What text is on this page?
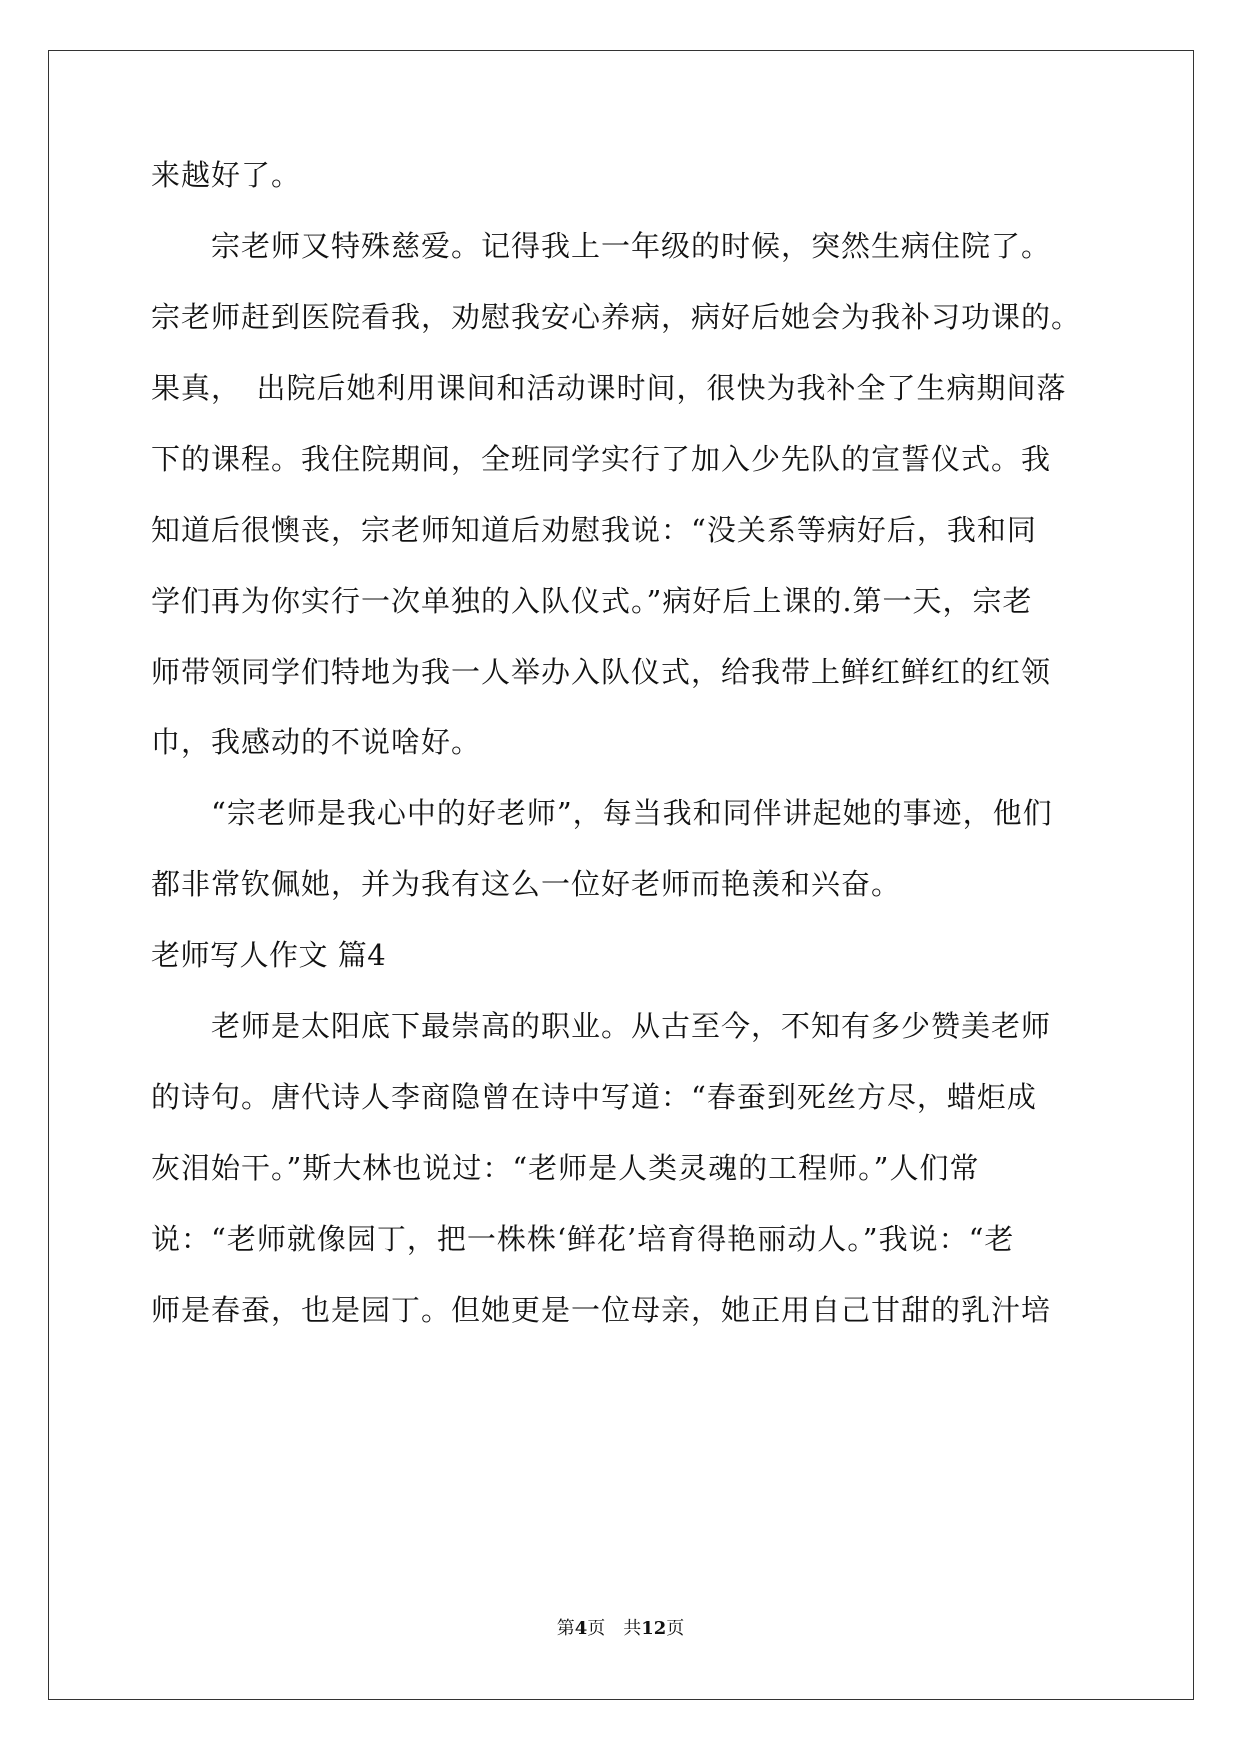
来越好了。
　　宗老师又特殊慈爱。记得我上一年级的时候，突然生病住院了。
宗老师赶到医院看我，劝慰我安心养病，病好后她会为我补习功课的。
果真，　出院后她利用课间和活动课时间，很快为我补全了生病期间落
下的课程。我住院期间，全班同学实行了加入少先队的宣誓仪式。我
知道后很懊丧，宗老师知道后劝慰我说：“没关系等病好后，我和同
学们再为你实行一次单独的入队仪式。”病好后上课的.第一天，宗老
师带领同学们特地为我一人举办入队仪式，给我带上鲜红鲜红的红领
巾，我感动的不说啥好。
　　“宗老师是我心中的好老师”，每当我和同伴讲起她的事迹，他们
都非常钦佩她，并为我有这么一位好老师而艳羡和兴奋。
老师写人作文 篇4
　　老师是太阳底下最崇高的职业。从古至今，不知有多少赞美老师
的诗句。唐代诗人李商隐曾在诗中写道：“春蚕到死丝方尽，蜡炬成
灰泪始干。”斯大林也说过：“老师是人类灵魂的工程师。”人们常
说：“老师就像园丁，把一株株‘鲜花’培育得艳丽动人。”我说：“老
师是春蚕，也是园丁。但她更是一位母亲，她正用自己甘甜的乳汁培
第4页　共12页
